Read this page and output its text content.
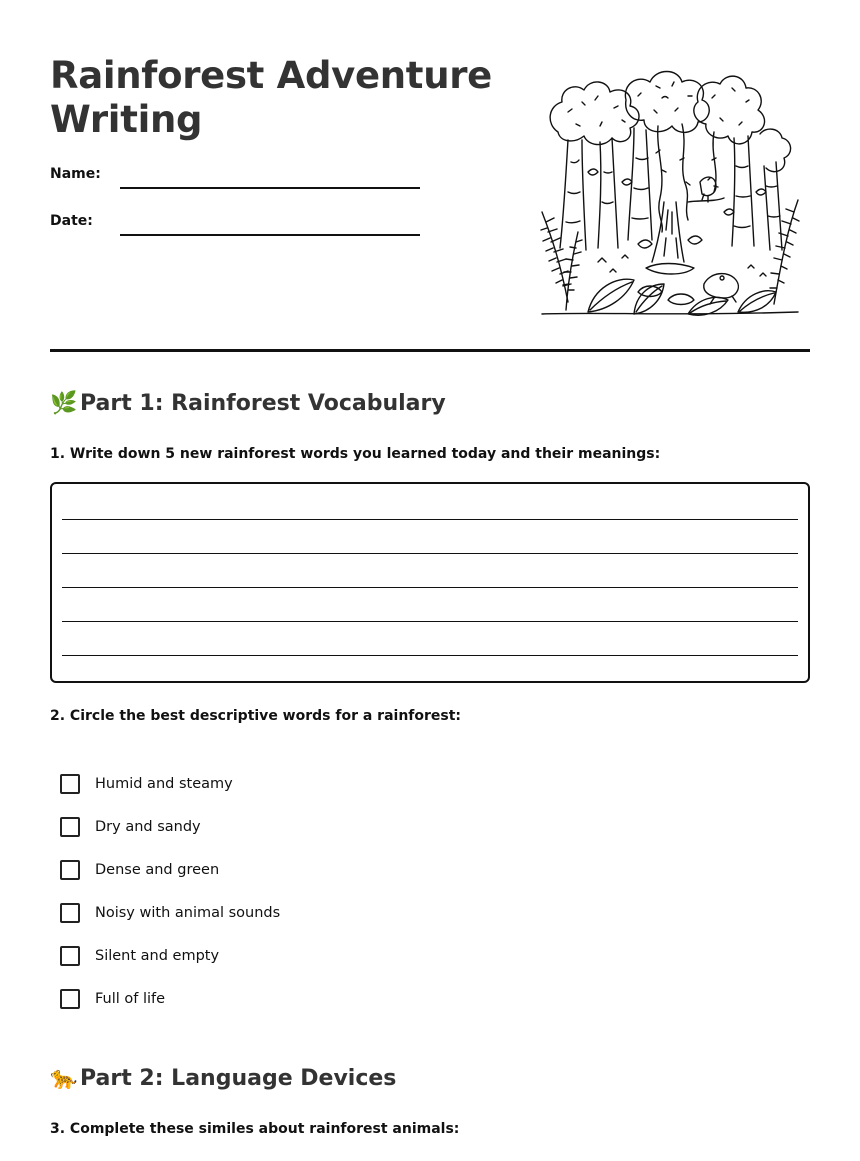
Rainforest Adventure
Writing
Name:
Date:
🌿 Part 1: Rainforest Vocabulary
1. Write down 5 new rainforest words you learned today and their meanings:
2. Circle the best descriptive words for a rainforest:
Humid and steamy
Dry and sandy
Dense and green
Noisy with animal sounds
Silent and empty
Full of life
🐆 Part 2: Language Devices
3. Complete these similes about rainforest animals:
